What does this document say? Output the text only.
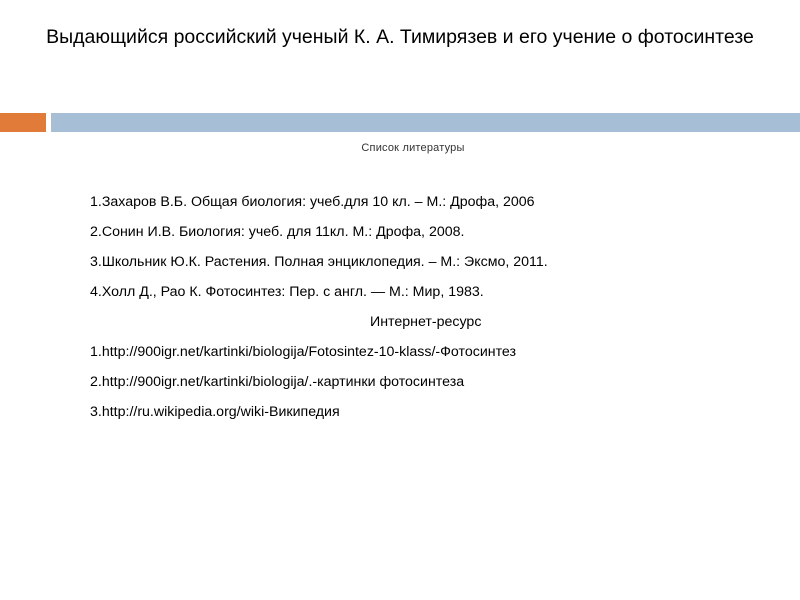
Выдающийся российский ученый К. А. Тимирязев и его учение о фотосинтезе
Список литературы
1.Захаров В.Б. Общая биология: учеб.для 10 кл. – М.: Дрофа, 2006
2.Сонин И.В. Биология: учеб. для 11кл. М.: Дрофа, 2008.
3.Школьник Ю.К. Растения. Полная энциклопедия. – М.: Эксмо, 2011.
4.Холл Д., Рао К. Фотосинтез: Пер. с англ. — М.: Мир, 1983.
Интернет-ресурс
1.http://900igr.net/kartinki/biologija/Fotosintez-10-klass/-Фотосинтез
2.http://900igr.net/kartinki/biologija/.-картинки фотосинтеза
3.http://ru.wikipedia.org/wiki-Википедия
